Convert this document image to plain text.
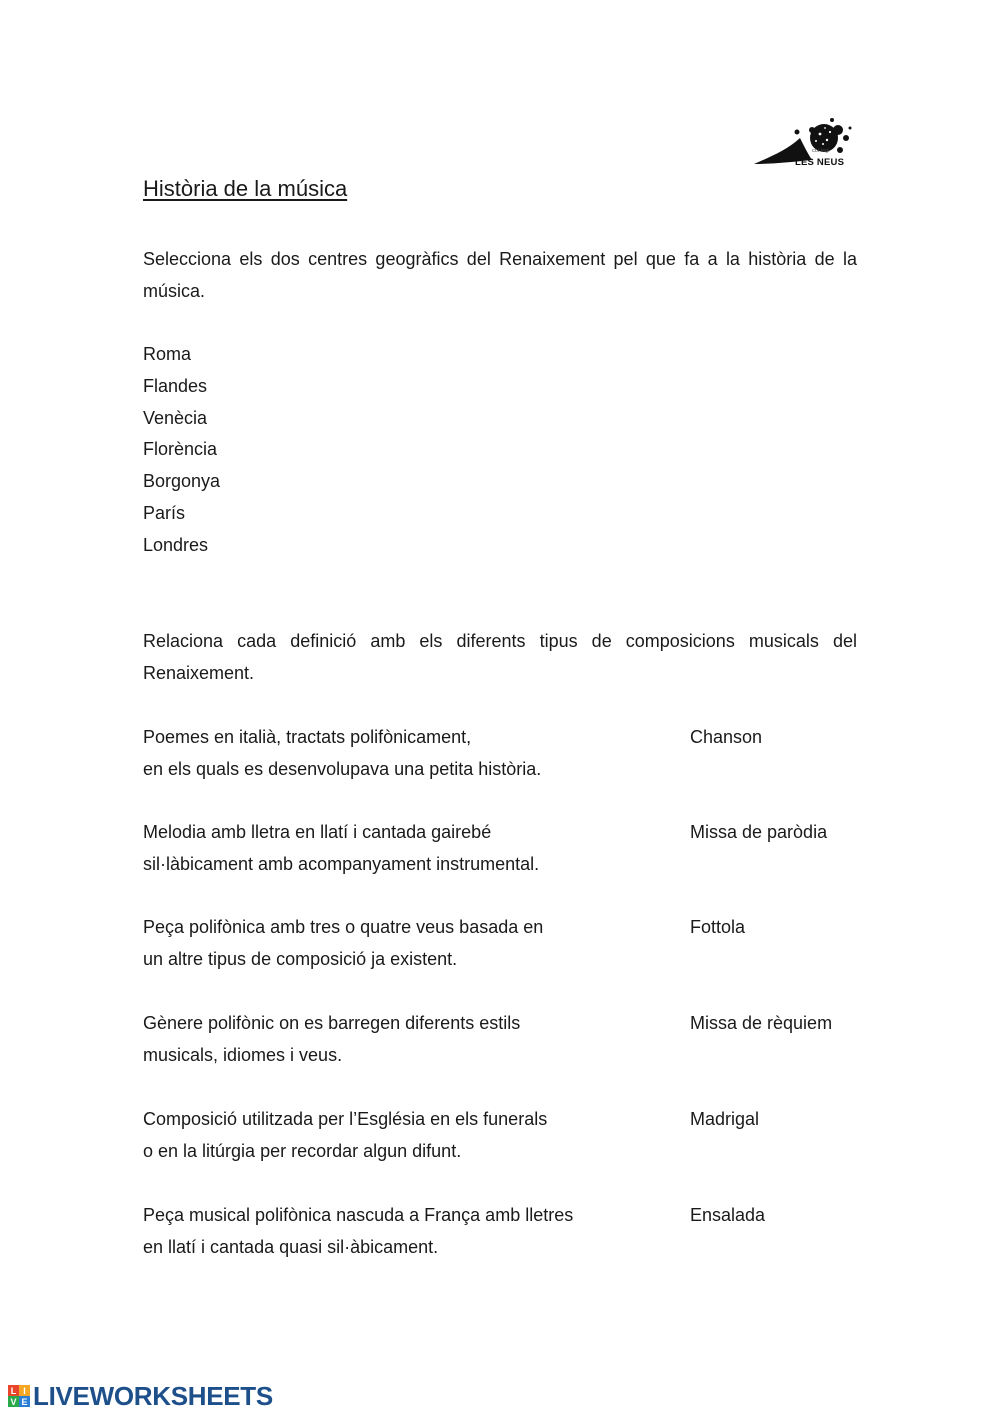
col·legi
LES NEUS
Història de la música

Selecciona els dos centres geogràfics del Renaixement pel que fa a la història de la música.

Roma
Flandes
Venècia
Florència
Borgonya
París
Londres

Relaciona cada definició amb els diferents tipus de composicions musicals del Renaixement.

Poemes en italià, tractats polifònicament,
en els quals es desenvolupava una petita història.
Chanson
Melodia amb lletra en llatí i cantada gairebé
sil·làbicament amb acompanyament instrumental.
Missa de paròdia
Peça polifònica amb tres o quatre veus basada en
un altre tipus de composició ja existent.
Fottola
Gènere polifònic on es barregen diferents estils
musicals, idiomes i veus.
Missa de rèquiem
Composició utilitzada per l’Església en els funerals
o en la litúrgia per recordar algun difunt.
Madrigal
Peça musical polifònica nascuda a França amb lletres
en llatí i cantada quasi sil·àbicament.
Ensalada
L I
V E LIVEWORKSHEETS
